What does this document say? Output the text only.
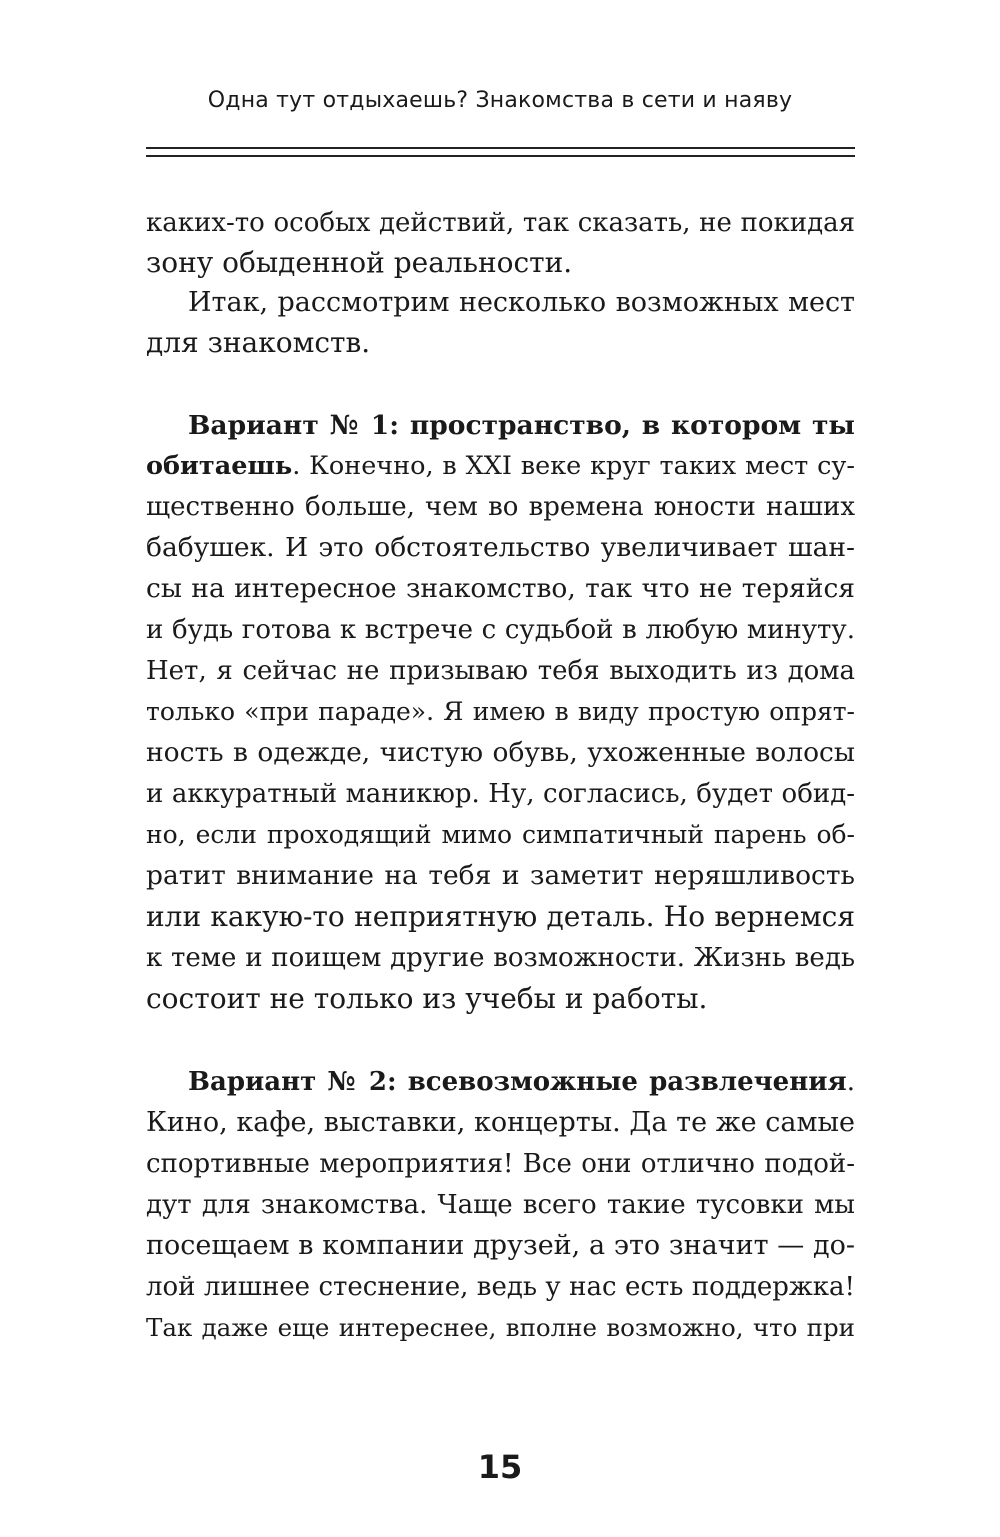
Одна тут отдыхаешь? Знакомства в сети и наяву
каких-то особых действий, так сказать, не покидая
зону обыденной реальности.
Итак, рассмотрим несколько возможных мест
для знакомств.
Вариант № 1: пространство, в котором ты
обитаешь. Конечно, в XXI веке круг таких мест су-
щественно больше, чем во времена юности наших
бабушек. И это обстоятельство увеличивает шан-
сы на интересное знакомство, так что не теряйся
и будь готова к встрече с судьбой в любую минуту.
Нет, я сейчас не призываю тебя выходить из дома
только «при параде». Я имею в виду простую опрят-
ность в одежде, чистую обувь, ухоженные волосы
и аккуратный маникюр. Ну, согласись, будет обид-
но, если проходящий мимо симпатичный парень об-
ратит внимание на тебя и заметит неряшливость
или какую-то неприятную деталь. Но вернемся
к теме и поищем другие возможности. Жизнь ведь
состоит не только из учебы и работы.
Вариант № 2: всевозможные развлечения.
Кино, кафе, выставки, концерты. Да те же самые
спортивные мероприятия! Все они отлично подой-
дут для знакомства. Чаще всего такие тусовки мы
посещаем в компании друзей, а это значит — до-
лой лишнее стеснение, ведь у нас есть поддержка!
Так даже еще интереснее, вполне возможно, что при
15
